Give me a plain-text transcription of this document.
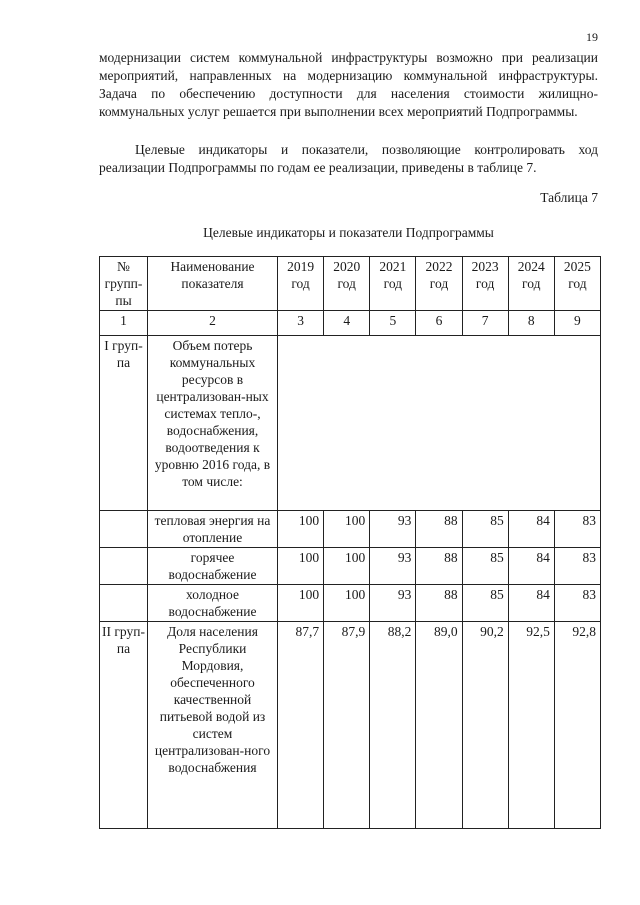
19

модернизации систем коммунальной инфраструктуры возможно при реализации мероприятий, направленных на модернизацию коммунальной инфраструктуры. Задача по обеспечению доступности для населения стоимости жилищно-коммунальных услуг решается при выполнении всех мероприятий Подпрограммы.

Целевые индикаторы и показатели, позволяющие контролировать ход реализации Подпрограммы по годам ее реализации, приведены в таблице 7.

Таблица 7
Целевые индикаторы и показатели Подпрограммы
№ групп-пы	Наименование показателя	2019 год	2020 год	2021 год	2022 год	2023 год	2024 год	2025 год
1	2	3	4	5	6	7	8	9
I груп-па	Объем потерь коммунальных ресурсов в централизован-ных системах тепло-, водоснабжения, водоотведения к уровню 2016 года, в том числе:							
	тепловая энергия на отопление	100	100	93	88	85	84	83
	горячее водоснабжение	100	100	93	88	85	84	83
	холодное водоснабжение	100	100	93	88	85	84	83
II груп-па	Доля населения Республики Мордовия, обеспеченного качественной питьевой водой из систем централизован-ного водоснабжения	87,7	87,9	88,2	89,0	90,2	92,5	92,8
